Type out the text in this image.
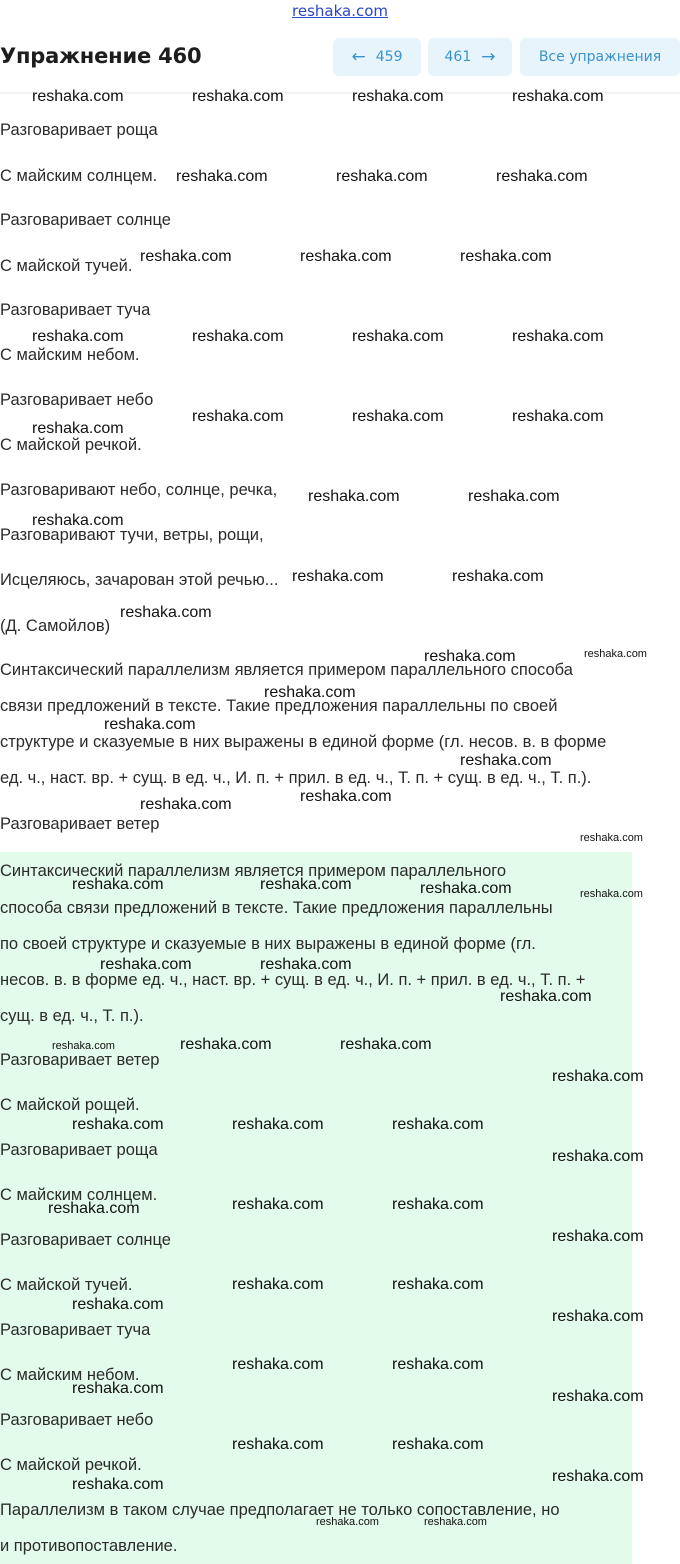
reshaka.com
Упражнение 460	← 459	461 →	Все упражнения
Разговаривает роща
С майским солнцем.
Разговаривает солнце
С майской тучей.
Разговаривает туча
С майским небом.
Разговаривает небо
С майской речкой.
Разговаривают небо, солнце, речка,
Разговаривают тучи, ветры, рощи,
Исцеляюсь, зачарован этой речью...
(Д. Самойлов)
Синтаксический параллелизм является примером параллельного способа
связи предложений в тексте. Такие предложения параллельны по своей
структуре и сказуемые в них выражены в единой форме (гл. несов. в. в форме
ед. ч., наст. вр. + сущ. в ед. ч., И. п. + прил. в ед. ч., Т. п. + сущ. в ед. ч., Т. п.).
Разговаривает ветер
Синтаксический параллелизм является примером параллельного
способа связи предложений в тексте. Такие предложения параллельны
по своей структуре и сказуемые в них выражены в единой форме (гл.
несов. в. в форме ед. ч., наст. вр. + сущ. в ед. ч., И. п. + прил. в ед. ч., Т. п. +
сущ. в ед. ч., Т. п.).
Разговаривает ветер
С майской рощей.
Разговаривает роща
С майским солнцем.
Разговаривает солнце
С майской тучей.
Разговаривает туча
С майским небом.
Разговаривает небо
С майской речкой.
Параллелизм в таком случае предполагает не только сопоставление, но
и противопоставление.
reshaka.com	reshaka.com	reshaka.com	reshaka.com
reshaka.com	reshaka.com	reshaka.com
reshaka.com	reshaka.com	reshaka.com
reshaka.com	reshaka.com	reshaka.com	reshaka.com
reshaka.com
reshaka.com	reshaka.com	reshaka.com
reshaka.com	reshaka.com
reshaka.com
reshaka.com	reshaka.com
reshaka.com
reshaka.com	reshaka.com
reshaka.com
reshaka.com
reshaka.com
reshaka.com
reshaka.com
reshaka.com
reshaka.com	reshaka.com	reshaka.com	reshaka.com
reshaka.com	reshaka.com
reshaka.com
reshaka.com	reshaka.com	reshaka.com
reshaka.com
reshaka.com	reshaka.com	reshaka.com
reshaka.com
reshaka.com	reshaka.com	reshaka.com
reshaka.com
reshaka.com	reshaka.com
reshaka.com
reshaka.com
reshaka.com	reshaka.com
reshaka.com	reshaka.com
reshaka.com	reshaka.com
reshaka.com
reshaka.com
reshaka.com	reshaka.com
